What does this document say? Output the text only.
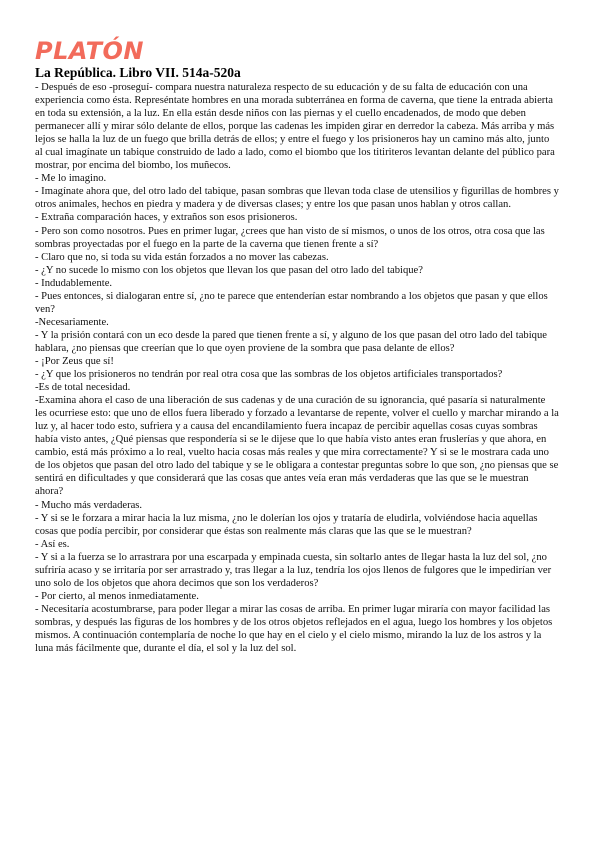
PLATÓN
La República. Libro VII. 514a-520a

- Después de eso -proseguí- compara nuestra naturaleza respecto de su educación y de su falta de educación con una experiencia como ésta. Represéntate hombres en una morada subterránea en forma de caverna, que tiene la entrada abierta en toda su extensión, a la luz. En ella están desde niños con las piernas y el cuello encadenados, de modo que deben permanecer allí y mirar sólo delante de ellos, porque las cadenas les impiden girar en derredor la cabeza. Más arriba y más lejos se halla la luz de un fuego que brilla detrás de ellos; y entre el fuego y los prisioneros hay un camino más alto, junto al cual imagínate un tabique construido de lado a lado, como el biombo que los titiriteros levantan delante del público para mostrar, por encima del biombo, los muñecos.

- Me lo imagino.

- Imagínate ahora que, del otro lado del tabique, pasan sombras que llevan toda clase de utensilios y figurillas de hombres y otros animales, hechos en piedra y madera y de diversas clases; y entre los que pasan unos hablan y otros callan.

- Extraña comparación haces, y extraños son esos prisioneros.

- Pero son como nosotros. Pues en primer lugar, ¿crees que han visto de sí mismos, o unos de los otros, otra cosa que las sombras proyectadas por el fuego en la parte de la caverna que tienen frente a sí?

- Claro que no, si toda su vida están forzados a no mover las cabezas.

- ¿Y no sucede lo mismo con los objetos que llevan los que pasan del otro lado del tabique?

- Indudablemente.

- Pues entonces, si dialogaran entre sí, ¿no te parece que entenderían estar nombrando a los objetos que pasan y que ellos ven?

-Necesariamente.

- Y la prisión contará con un eco desde la pared que tienen frente a sí, y alguno de los que pasan del otro lado del tabique hablara, ¿no piensas que creerían que lo que oyen proviene de la sombra que pasa delante de ellos?

- ¡Por Zeus que sí!

- ¿Y que los prisioneros no tendrán por real otra cosa que las sombras de los objetos artificiales transportados?

-Es de total necesidad.

-Examina ahora el caso de una liberación de sus cadenas y de una curación de su ignorancia, qué pasaría si naturalmente les ocurriese esto: que uno de ellos fuera liberado y forzado a levantarse de repente, volver el cuello y marchar mirando a la luz y, al hacer todo esto, sufriera y a causa del encandilamiento fuera incapaz de percibir aquellas cosas cuyas sombras había visto antes, ¿Qué piensas que respondería si se le dijese que lo que había visto antes eran fruslerías y que ahora, en cambio, está más próximo a lo real, vuelto hacia cosas más reales y que mira correctamente? Y si se le mostrara cada uno de los objetos que pasan del otro lado del tabique y se le obligara a contestar preguntas sobre lo que son, ¿no piensas que se sentirá en dificultades y que considerará que las cosas que antes veía eran más verdaderas que las que se le muestran ahora?

- Mucho más verdaderas.

- Y si se le forzara a mirar hacia la luz misma, ¿no le dolerían los ojos y trataría de eludirla, volviéndose hacia aquellas cosas que podía percibir, por considerar que éstas son realmente más claras que las que se le muestran?

- Así es.

- Y si a la fuerza se lo arrastrara por una escarpada y empinada cuesta, sin soltarlo antes de llegar hasta la luz del sol, ¿no sufriría acaso y se irritaría por ser arrastrado y, tras llegar a la luz, tendría los ojos llenos de fulgores que le impedirían ver uno solo de los objetos que ahora decimos que son los verdaderos?

- Por cierto, al menos inmediatamente.

- Necesitaría acostumbrarse, para poder llegar a mirar las cosas de arriba. En primer lugar miraría con mayor facilidad las sombras, y después las figuras de los hombres y de los otros objetos reflejados en el agua, luego los hombres y los objetos mismos. A continuación contemplaría de noche lo que hay en el cielo y el cielo mismo, mirando la luz de los astros y la luna más fácilmente que, durante el día, el sol y la luz del sol.
